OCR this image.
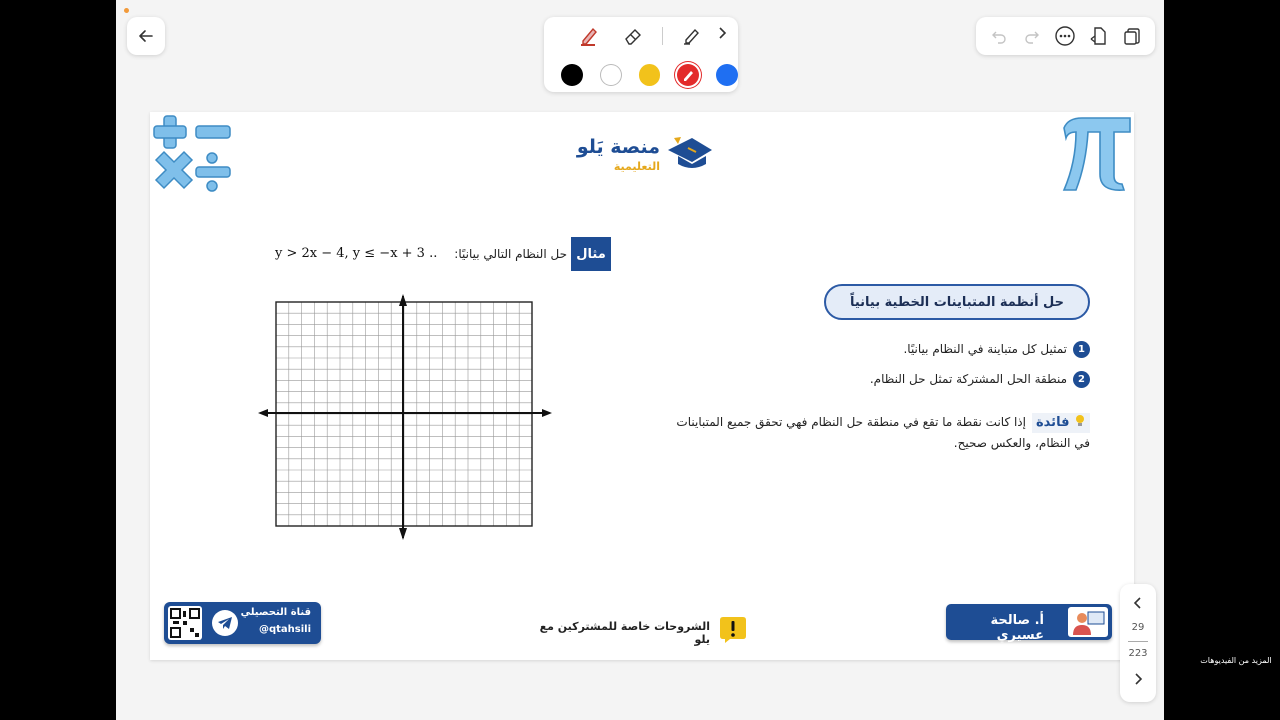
منصة يَلو
التعليمية
مثال
حل النظام التالي بيانيًا:
y > 2x − 4, y ≤ −x + 3 ..
حل أنظمة المتباينات الخطية بيانياً
1
تمثيل كل متباينة في النظام بيانيًا.
2
منطقة الحل المشتركة تمثل حل النظام.
فائدةإذا كانت نقطة ما تقع في منطقة حل النظام فهي تحقق جميع المتباينات في النظام، والعكس صحيح.
قناة التحصيلي
@qtahsili	الشروحات خاصة للمشتركين مع يلو
أ. صالحة عسيري
29
223
المزيد من الفيديوهات
